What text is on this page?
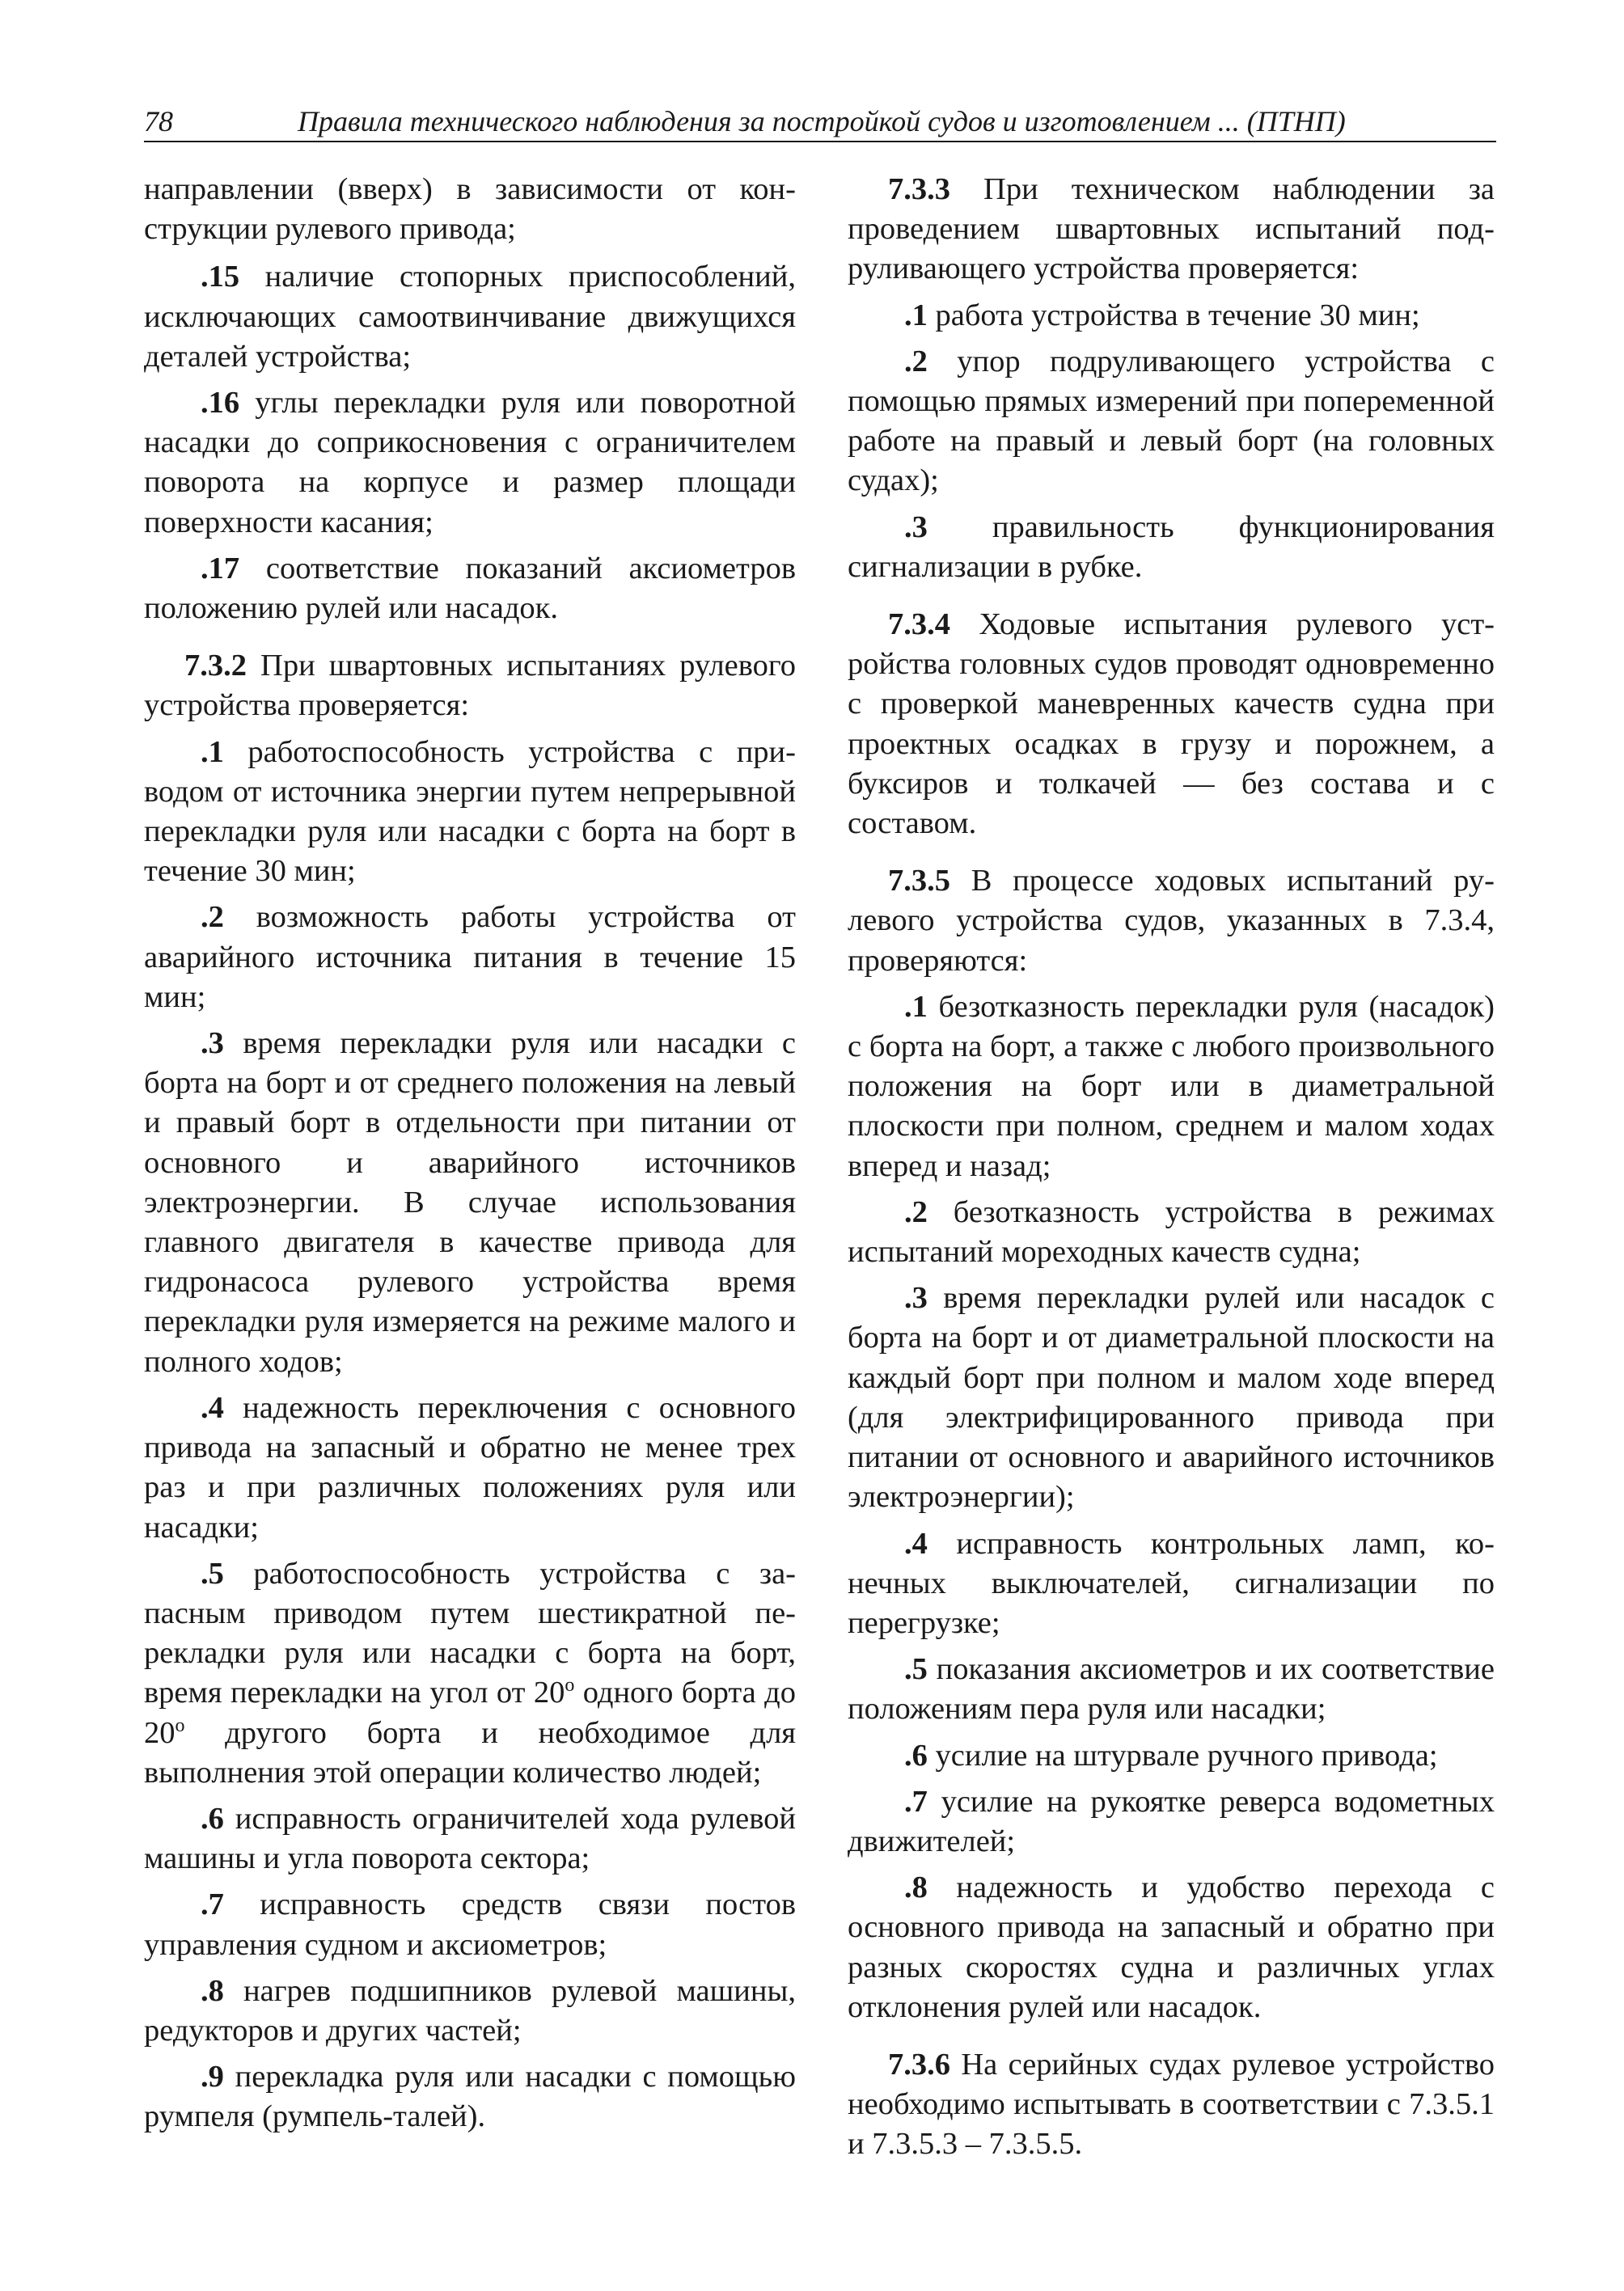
78	Правила технического наблюдения за постройкой судов и изготовлением ... (ПТНП)

направлении (вверх) в зависимости от конструкции рулевого привода;

.15 наличие стопорных приспособлений, исключающих самоотвинчивание движущихся деталей устройства;

.16 углы перекладки руля или поворотной насадки до соприкосновения с ограничителем поворота на корпусе и размер площади поверхности касания;

.17 соответствие показаний аксиометров положению рулей или насадок.

7.3.2 При швартовных испытаниях рулевого устройства проверяется:

.1 работоспособность устройства с приводом от источника энергии путем непрерывной перекладки руля или насадки с борта на борт в течение 30 мин;

.2 возможность работы устройства от аварийного источника питания в течение 15 мин;

.3 время перекладки руля или насадки с борта на борт и от среднего положения на левый и правый борт в отдельности при питании от основного и аварийного источников электроэнергии. В случае использования главного двигателя в качестве привода для гидронасоса рулевого устройства время перекладки руля измеряется на режиме малого и полного ходов;

.4 надежность переключения с основного привода на запасный и обратно не менее трех раз и при различных положениях руля или насадки;

.5 работоспособность устройства с запасным приводом путем шестикратной перекладки руля или насадки с борта на борт, время перекладки на угол от $20^о$ одного борта до $20^о$ другого борта и необходимое для выполнения этой операции количество людей;

.6 исправность ограничителей хода рулевой машины и угла поворота сектора;

.7 исправность средств связи постов управления судном и аксиометров;

.8 нагрев подшипников рулевой машины, редукторов и других частей;

.9 перекладка руля или насадки с помощью румпеля (румпель-талей).

7.3.3 При техническом наблюдении за проведением швартовных испытаний подруливающего устройства проверяется:

.1 работа устройства в течение 30 мин;

.2 упор подруливающего устройства с помощью прямых измерений при попеременной работе на правый и левый борт (на головных судах);

.3 правильность функционирования сигнализации в рубке.

7.3.4 Ходовые испытания рулевого устройства головных судов проводят одновременно с проверкой маневренных качеств судна при проектных осадках в грузу и порожнем, а буксиров и толкачей — без состава и с составом.

7.3.5 В процессе ходовых испытаний рулевого устройства судов, указанных в 7.3.4, проверяются:

.1 безотказность перекладки руля (насадок) с борта на борт, а также с любого произвольного положения на борт или в диаметральной плоскости при полном, среднем и малом ходах вперед и назад;

.2 безотказность устройства в режимах испытаний мореходных качеств судна;

.3 время перекладки рулей или насадок с борта на борт и от диаметральной плоскости на каждый борт при полном и малом ходе вперед (для электрифицированного привода при питании от основного и аварийного источников электроэнергии);

.4 исправность контрольных ламп, конечных выключателей, сигнализации по перегрузке;

.5 показания аксиометров и их соответствие положениям пера руля или насадки;

.6 усилие на штурвале ручного привода;

.7 усилие на рукоятке реверса водометных движителей;

.8 надежность и удобство перехода с основного привода на запасный и обратно при разных скоростях судна и различных углах отклонения рулей или насадок.

7.3.6 На серийных судах рулевое устройство необходимо испытывать в соответствии с 7.3.5.1 и 7.3.5.3 – 7.3.5.5.
